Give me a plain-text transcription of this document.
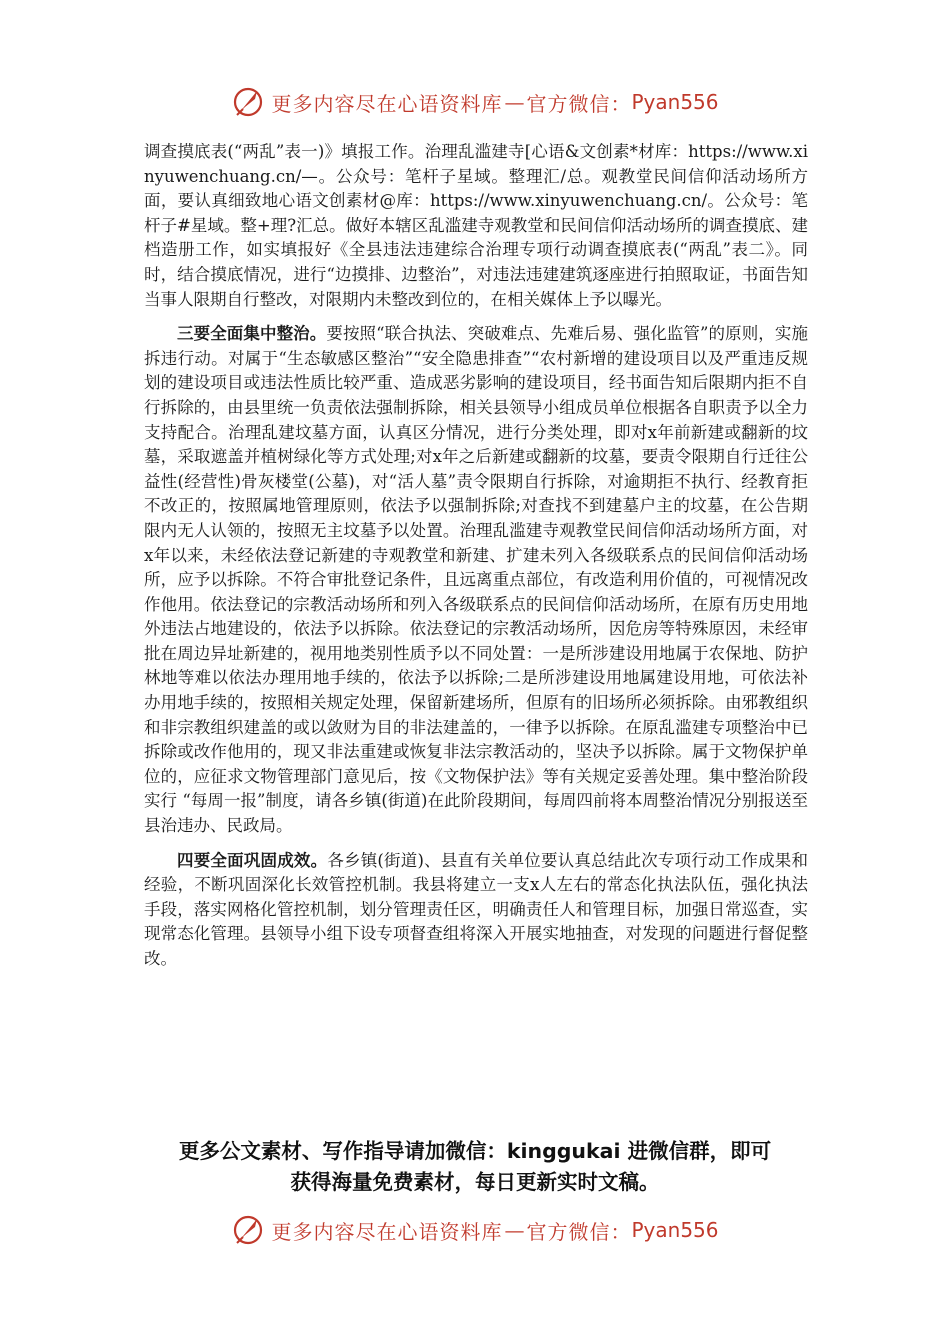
更多内容尽在心语资料库 — 官方微信： Pyan556

调查摸底表(“两乱”表一)》填报工作。治理乱滥建寺[心语&文创素*材库：https://www.xinyuwenchuang.cn/—。公众号：笔杆子星域。整理汇/总。观教堂民间信仰活动场所方面，要认真细致地心语文创素材@库：https://www.xinyuwenchuang.cn/。公众号：笔杆子#星域。整+理?汇总。做好本辖区乱滥建寺观教堂和民间信仰活动场所的调查摸底、建档造册工作，如实填报好《全县违法违建综合治理专项行动调查摸底表(“两乱”表二》。同时，结合摸底情况，进行“边摸排、边整治”，对违法违建建筑逐座进行拍照取证，书面告知当事人限期自行整改，对限期内未整改到位的，在相关媒体上予以曝光。

三要全面集中整治。要按照“联合执法、突破难点、先难后易、强化监管”的原则，实施拆违行动。对属于“生态敏感区整治”“安全隐患排查”“农村新增的建设项目以及严重违反规划的建设项目或违法性质比较严重、造成恶劣影响的建设项目，经书面告知后限期内拒不自行拆除的，由县里统一负责依法强制拆除，相关县领导小组成员单位根据各自职责予以全力支持配合。治理乱建坟墓方面，认真区分情况，进行分类处理，即对x年前新建或翻新的坟墓，采取遮盖并植树绿化等方式处理;对x年之后新建或翻新的坟墓，要责令限期自行迁往公益性(经营性)骨灰楼堂(公墓)，对“活人墓”责令限期自行拆除，对逾期拒不执行、经教育拒不改正的，按照属地管理原则，依法予以强制拆除;对查找不到建墓户主的坟墓，在公告期限内无人认领的，按照无主坟墓予以处置。治理乱滥建寺观教堂民间信仰活动场所方面，对x年以来，未经依法登记新建的寺观教堂和新建、扩建未列入各级联系点的民间信仰活动场所，应予以拆除。不符合审批登记条件，且远离重点部位，有改造利用价值的，可视情况改作他用。依法登记的宗教活动场所和列入各级联系点的民间信仰活动场所，在原有历史用地外违法占地建设的，依法予以拆除。依法登记的宗教活动场所，因危房等特殊原因，未经审批在周边异址新建的，视用地类别性质予以不同处置：一是所涉建设用地属于农保地、防护林地等难以依法办理用地手续的，依法予以拆除;二是所涉建设用地属建设用地，可依法补办用地手续的，按照相关规定处理，保留新建场所，但原有的旧场所必须拆除。由邪教组织和非宗教组织建盖的或以敛财为目的非法建盖的，一律予以拆除。在原乱滥建专项整治中已拆除或改作他用的，现又非法重建或恢复非法宗教活动的，坚决予以拆除。属于文物保护单位的，应征求文物管理部门意见后，按《文物保护法》等有关规定妥善处理。集中整治阶段实行 “每周一报”制度，请各乡镇(街道)在此阶段期间，每周四前将本周整治情况分别报送至县治违办、民政局。

四要全面巩固成效。各乡镇(街道)、县直有关单位要认真总结此次专项行动工作成果和经验，不断巩固深化长效管控机制。我县将建立一支x人左右的常态化执法队伍，强化执法手段，落实网格化管控机制，划分管理责任区，明确责任人和管理目标，加强日常巡查，实现常态化管理。县领导小组下设专项督查组将深入开展实地抽查，对发现的问题进行督促整改。

更多公文素材、写作指导请加微信：kinggukai 进微信群，即可
获得海量免费素材，每日更新实时文稿。
更多内容尽在心语资料库 — 官方微信： Pyan556
